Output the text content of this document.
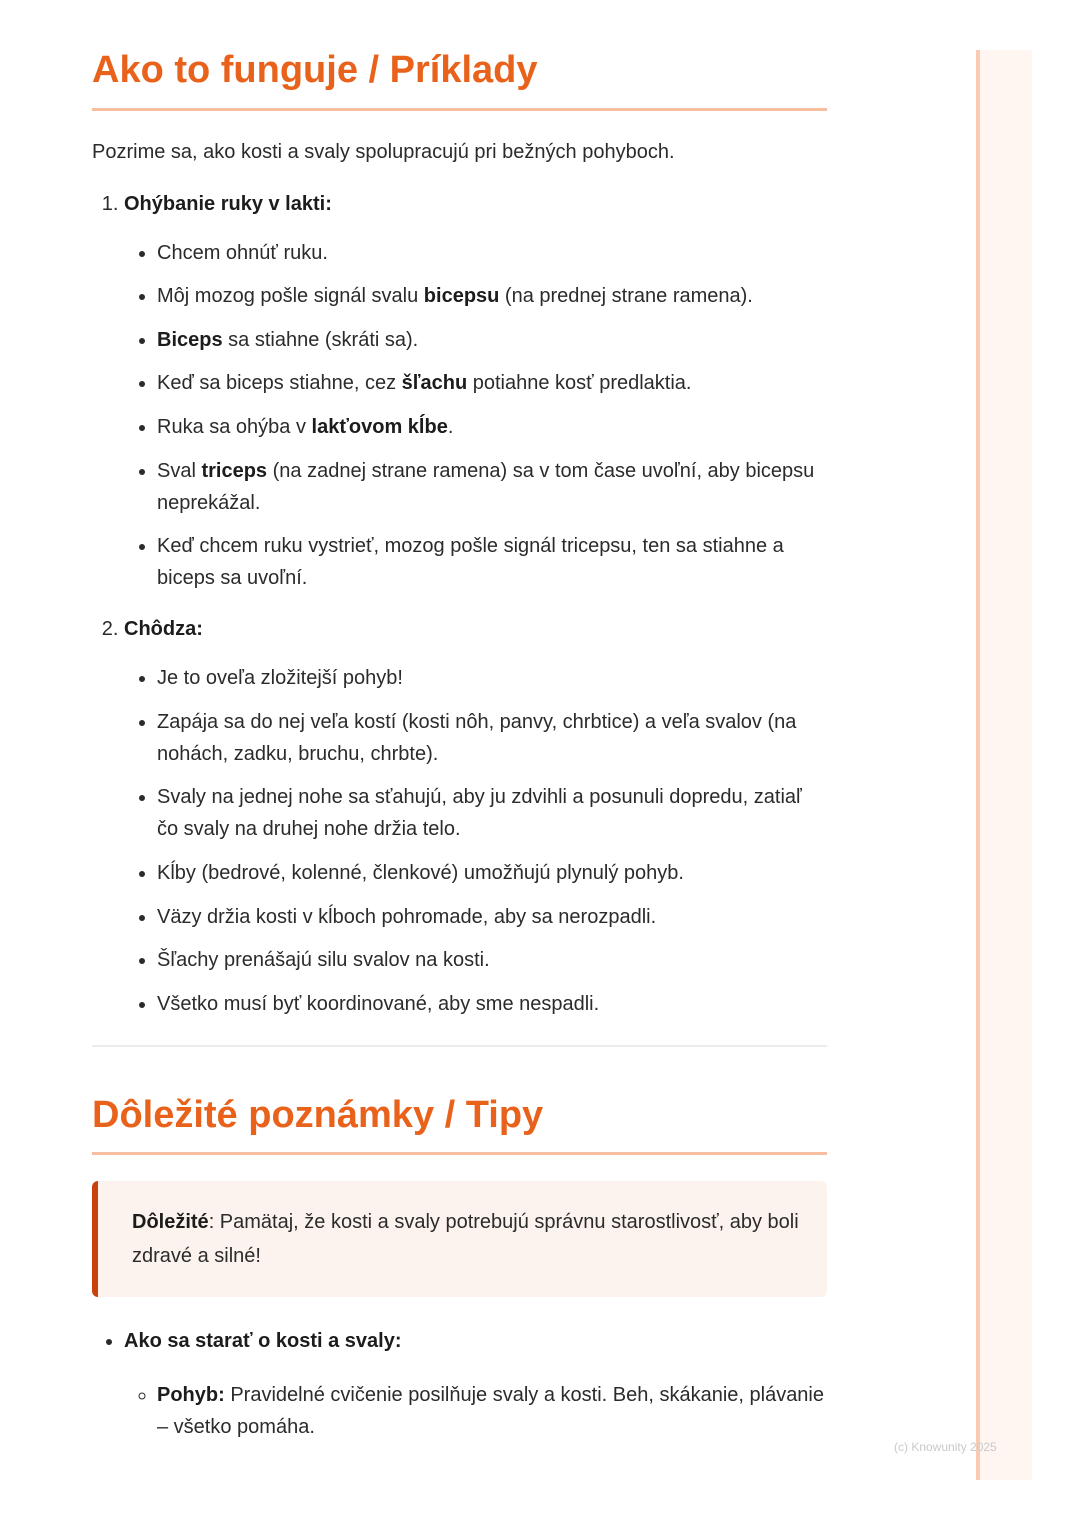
(c) Knowunity 2025
Ako to funguje / Príklady

Pozrime sa, ako kosti a svaly spolupracujú pri bežných pohyboch.

1. Ohýbanie ruky v lakti:
• Chcem ohnúť ruku.
• Môj mozog pošle signál svalu bicepsu (na prednej strane ramena).
• Biceps sa stiahne (skráti sa).
• Keď sa biceps stiahne, cez šľachu potiahne kosť predlaktia.
• Ruka sa ohýba v lakťovom kĺbe.
• Sval triceps (na zadnej strane ramena) sa v tom čase uvoľní, aby bicepsu neprekážal.
• Keď chcem ruku vystrieť, mozog pošle signál tricepsu, ten sa stiahne a biceps sa uvoľní.
2. Chôdza:
• Je to oveľa zložitejší pohyb!
• Zapája sa do nej veľa kostí (kosti nôh, panvy, chrbtice) a veľa svalov (na nohách, zadku, bruchu, chrbte).
• Svaly na jednej nohe sa sťahujú, aby ju zdvihli a posunuli dopredu, zatiaľ čo svaly na druhej nohe držia telo.
• Kĺby (bedrové, kolenné, členkové) umožňujú plynulý pohyb.
• Väzy držia kosti v kĺboch pohromade, aby sa nerozpadli.
• Šľachy prenášajú silu svalov na kosti.
• Všetko musí byť koordinované, aby sme nespadli.
Dôležité poznámky / Tipy
Dôležité: Pamätaj, že kosti a svaly potrebujú správnu starostlivosť, aby boli zdravé a silné!
• Ako sa starať o kosti a svaly:
◦ Pohyb: Pravidelné cvičenie posilňuje svaly a kosti. Beh, skákanie, plávanie – všetko pomáha.
